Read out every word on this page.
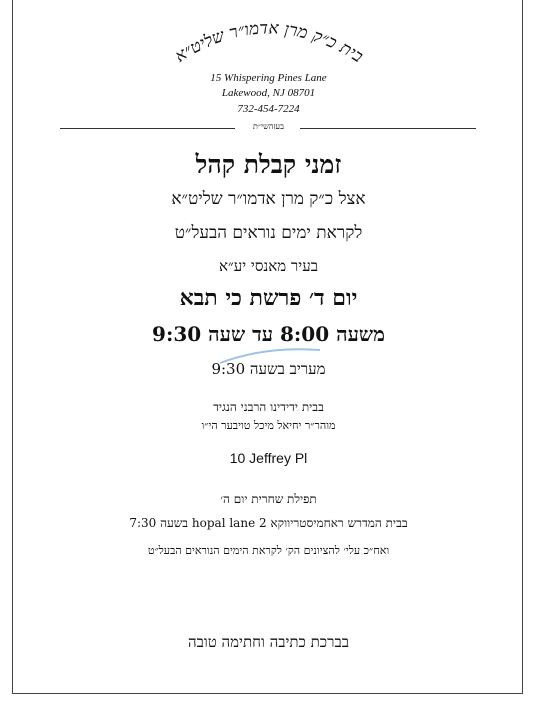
בית כ״ק מרן אדמו״ר שליט״א
15 Whispering Pines Lane
Lakewood, NJ 08701
732-454-7224
בעזהשי״ת
זמני קבלת קהל
אצל כ״ק מרן אדמו״ר שליט״א
לקראת ימים נוראים הבעל״ט
בעיר מאנסי יע״א
יום ד׳ פרשת כי תבא
משעה 8:00 עד שעה 9:30
מעריב בשעה 9:30
בבית ידידינו הרבני הנגיד
מוהר״ר יחיאל מיכל טויבער הי״ו
10 Jeffrey Pl
תפילת שחרית יום ה׳
בבית המדרש ראחמיסטריווקא 2 hopal lane בשעה 7:30
ואח״כ עלי׳ להציונים הק׳ לקראת הימים הנוראים הבעל״ט
בברכת כתיבה וחתימה טובה
